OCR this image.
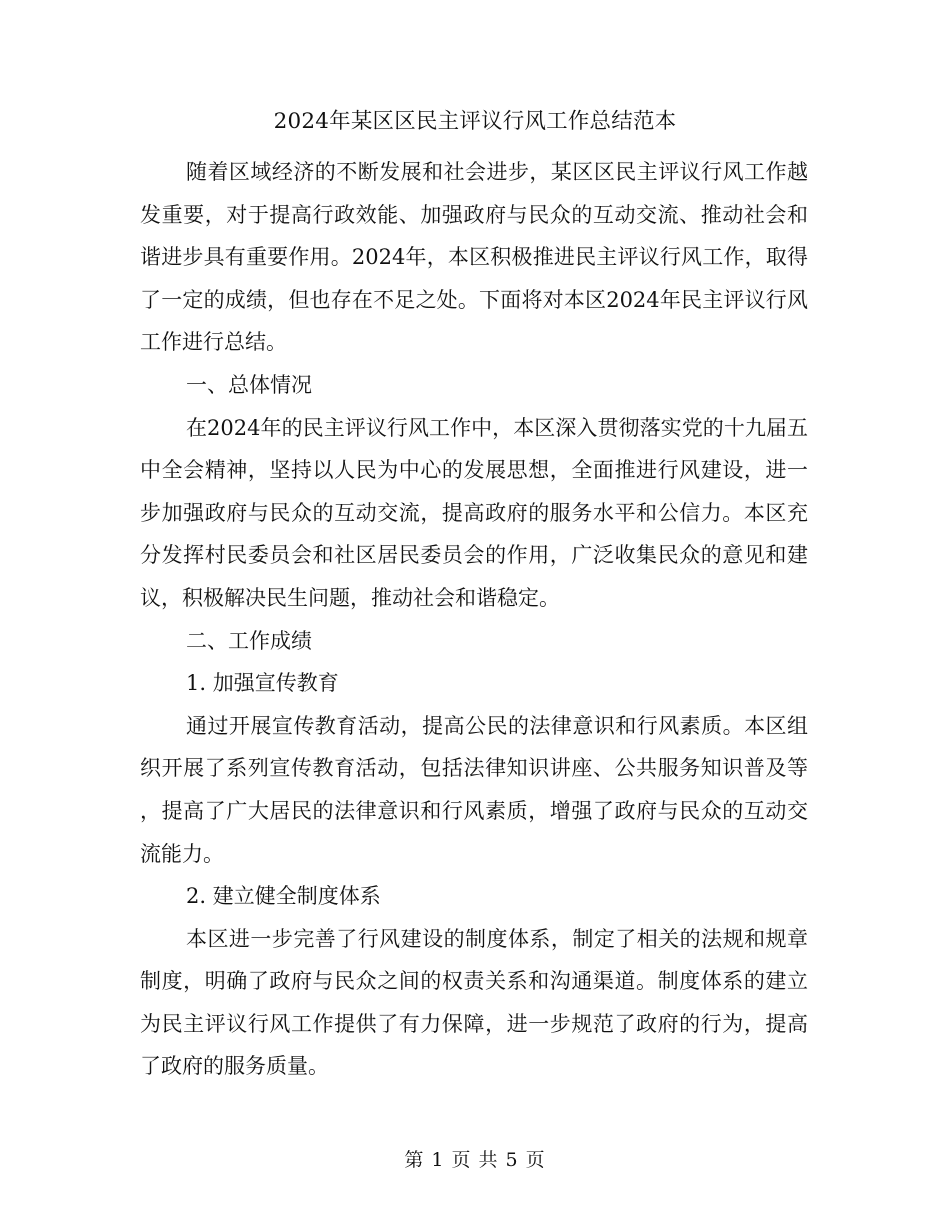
2024年某区区民主评议行风工作总结范本

随着区域经济的不断发展和社会进步，某区区民主评议行风工作越发重要，对于提高行政效能、加强政府与民众的互动交流、推动社会和谐进步具有重要作用。2024年，本区积极推进民主评议行风工作，取得了一定的成绩，但也存在不足之处。下面将对本区2024年民主评议行风工作进行总结。

一、总体情况

在2024年的民主评议行风工作中，本区深入贯彻落实党的十九届五中全会精神，坚持以人民为中心的发展思想，全面推进行风建设，进一步加强政府与民众的互动交流，提高政府的服务水平和公信力。本区充分发挥村民委员会和社区居民委员会的作用，广泛收集民众的意见和建议，积极解决民生问题，推动社会和谐稳定。

二、工作成绩

1. 加强宣传教育

通过开展宣传教育活动，提高公民的法律意识和行风素质。本区组织开展了系列宣传教育活动，包括法律知识讲座、公共服务知识普及等，提高了广大居民的法律意识和行风素质，增强了政府与民众的互动交流能力。

2. 建立健全制度体系

本区进一步完善了行风建设的制度体系，制定了相关的法规和规章制度，明确了政府与民众之间的权责关系和沟通渠道。制度体系的建立为民主评议行风工作提供了有力保障，进一步规范了政府的行为，提高了政府的服务质量。

第 1 页 共 5 页
